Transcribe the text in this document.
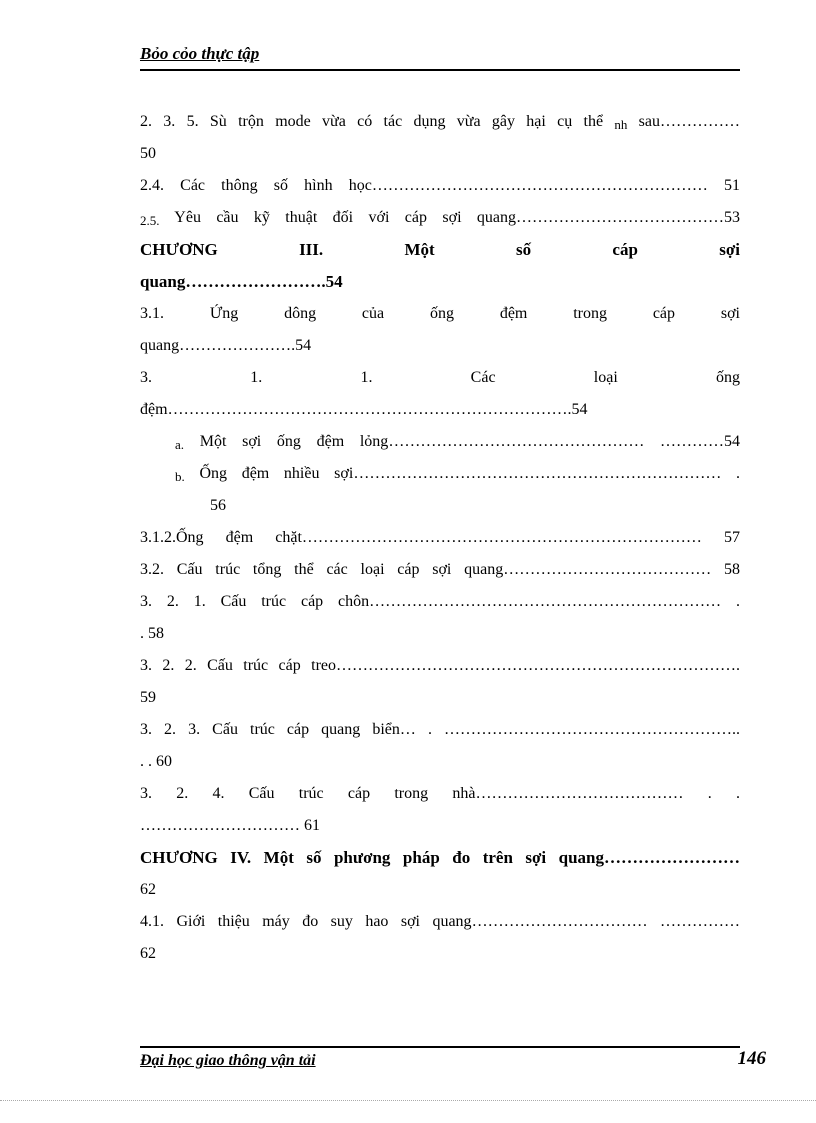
Bỏo cỏo thực tập
2. 3. 5. Sù trộn mode vừa có tác dụng vừa gây hại cụ thể nh sau……………
50
2.4. Các thông số hình học……………………………………………………… 51
2.5. Yêu cầu kỹ thuật đối với cáp sợi quang…………………………………53
CHƯƠNG III. Một số cáp sợi
quang…………………….54
3.1. Ứng dông của ống đệm trong cáp sợi
quang………………….54
3. 1. 1. Các loại ống
đệm………………………………………………………………….54
a. Một sợi ống đệm lỏng………………………………………… …………54
b. Ống đệm nhiều sợi…………………………………………………………… .
56
3.1.2.Ống đệm chặt………………………………………………………………… 57
3.2. Cấu trúc tổng thể các loại cáp sợi quang………………………………… 58
3. 2. 1. Cấu trúc cáp chôn………………………………………………………… .
. 58
3. 2. 2. Cấu trúc cáp treo………………………………………………………………….
59
3. 2. 3. Cấu trúc cáp quang biển… . ………………………………………………..
. . 60
3. 2. 4. Cấu trúc cáp trong nhà………………………………… . .
………………………… 61
CHƯƠNG IV. Một số phương pháp đo trên sợi quang……………………
62
4.1. Giới thiệu máy đo suy hao sợi quang…………………………… ……………
62
Đại học giao thông vận tải	146
